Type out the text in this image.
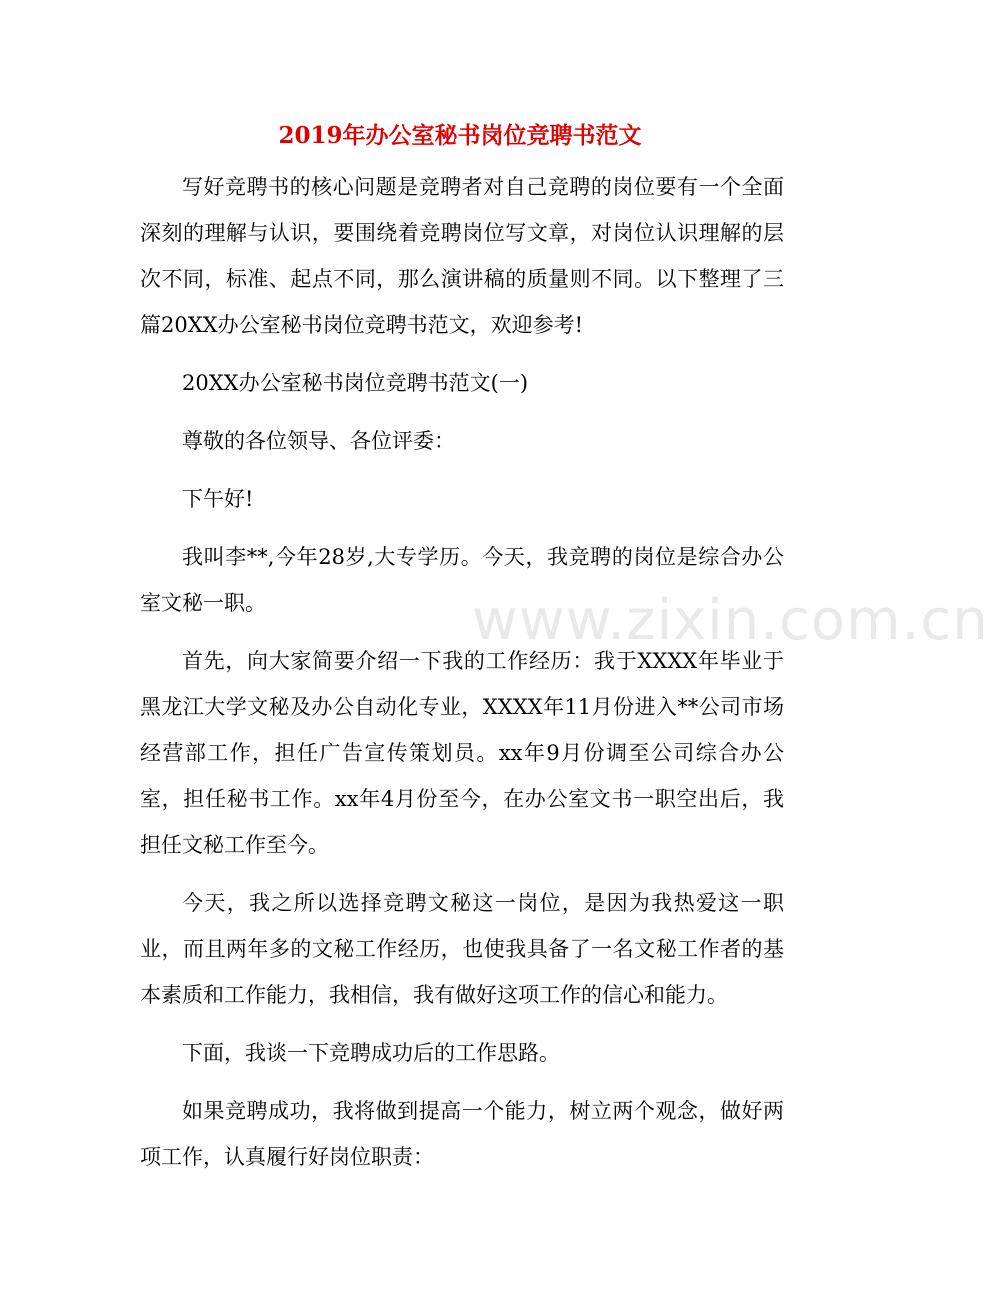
www.zixin.com.cn
2019年办公室秘书岗位竞聘书范文

写好竞聘书的核心问题是竞聘者对自己竞聘的岗位要有一个全面深刻的理解与认识，要围绕着竞聘岗位写文章，对岗位认识理解的层次不同，标准、起点不同，那么演讲稿的质量则不同。以下整理了三篇20XX办公室秘书岗位竞聘书范文，欢迎参考!

20XX办公室秘书岗位竞聘书范文(一)

尊敬的各位领导、各位评委：

下午好!

我叫李**,今年28岁,大专学历。今天，我竞聘的岗位是综合办公室文秘一职。

首先，向大家简要介绍一下我的工作经历：我于XXXX年毕业于黑龙江大学文秘及办公自动化专业，XXXX年11月份进入**公司市场经营部工作，担任广告宣传策划员。xx年9月份调至公司综合办公室，担任秘书工作。xx年4月份至今，在办公室文书一职空出后，我担任文秘工作至今。

今天，我之所以选择竞聘文秘这一岗位，是因为我热爱这一职业，而且两年多的文秘工作经历，也使我具备了一名文秘工作者的基本素质和工作能力，我相信，我有做好这项工作的信心和能力。

下面，我谈一下竞聘成功后的工作思路。

如果竞聘成功，我将做到提高一个能力，树立两个观念，做好两项工作，认真履行好岗位职责：
